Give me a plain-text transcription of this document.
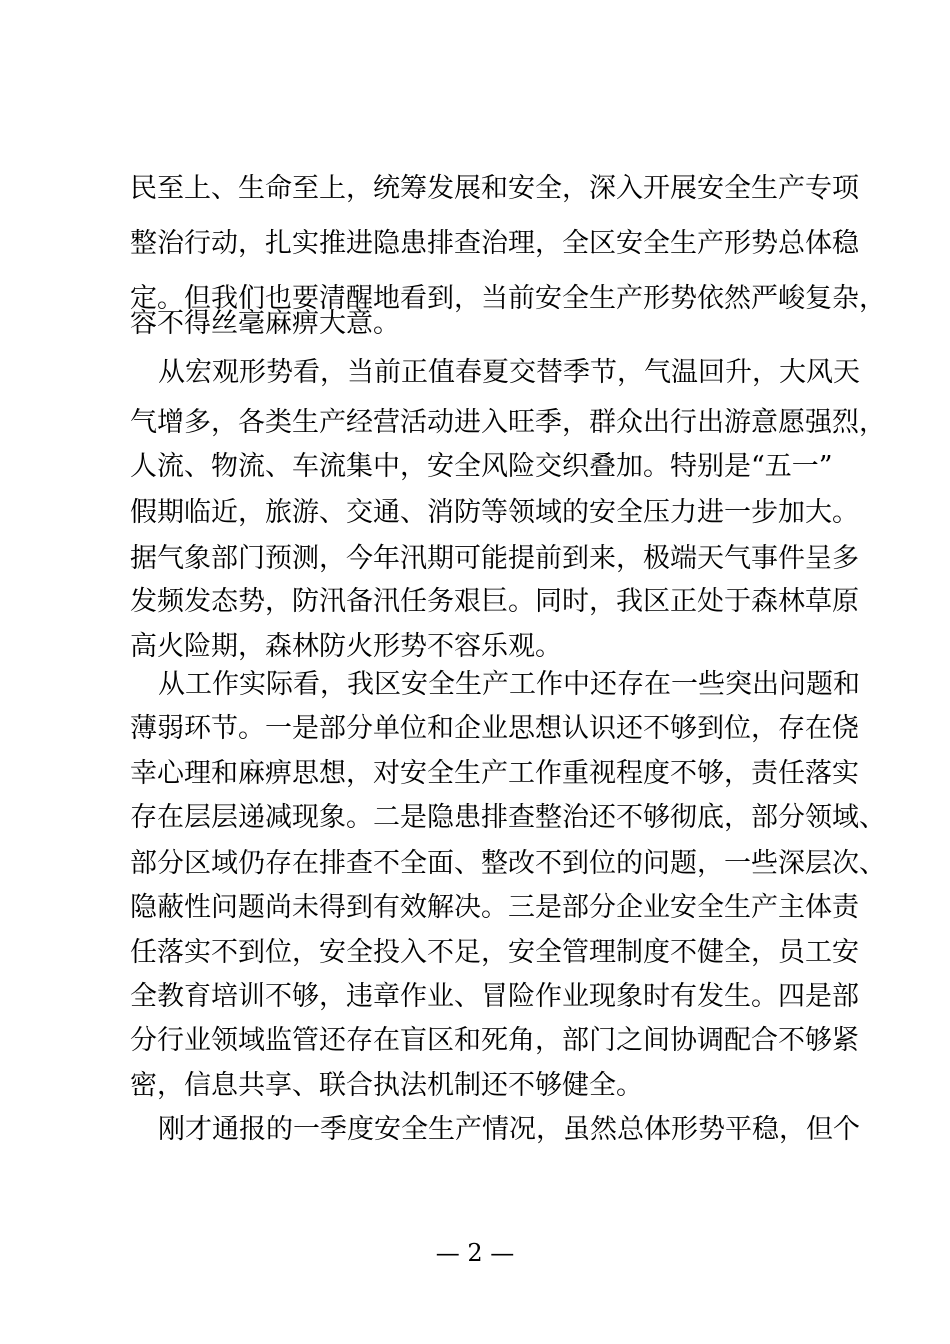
民至上、生命至上，统筹发展和安全，深入开展安全生产专项
整治行动，扎实推进隐患排查治理，全区安全生产形势总体稳
定。但我们也要清醒地看到，当前安全生产形势依然严峻复杂，
容不得丝毫麻痹大意。
从宏观形势看，当前正值春夏交替季节，气温回升，大风天
气增多，各类生产经营活动进入旺季，群众出行出游意愿强烈，
人流、物流、车流集中，安全风险交织叠加。特别是“五一”
假期临近，旅游、交通、消防等领域的安全压力进一步加大。
据气象部门预测，今年汛期可能提前到来，极端天气事件呈多
发频发态势，防汛备汛任务艰巨。同时，我区正处于森林草原
高火险期，森林防火形势不容乐观。
从工作实际看，我区安全生产工作中还存在一些突出问题和
薄弱环节。一是部分单位和企业思想认识还不够到位，存在侥
幸心理和麻痹思想，对安全生产工作重视程度不够，责任落实
存在层层递减现象。二是隐患排查整治还不够彻底，部分领域、
部分区域仍存在排查不全面、整改不到位的问题，一些深层次、
隐蔽性问题尚未得到有效解决。三是部分企业安全生产主体责
任落实不到位，安全投入不足，安全管理制度不健全，员工安
全教育培训不够，违章作业、冒险作业现象时有发生。四是部
分行业领域监管还存在盲区和死角，部门之间协调配合不够紧
密，信息共享、联合执法机制还不够健全。
刚才通报的一季度安全生产情况，虽然总体形势平稳，但个
— 2 —
